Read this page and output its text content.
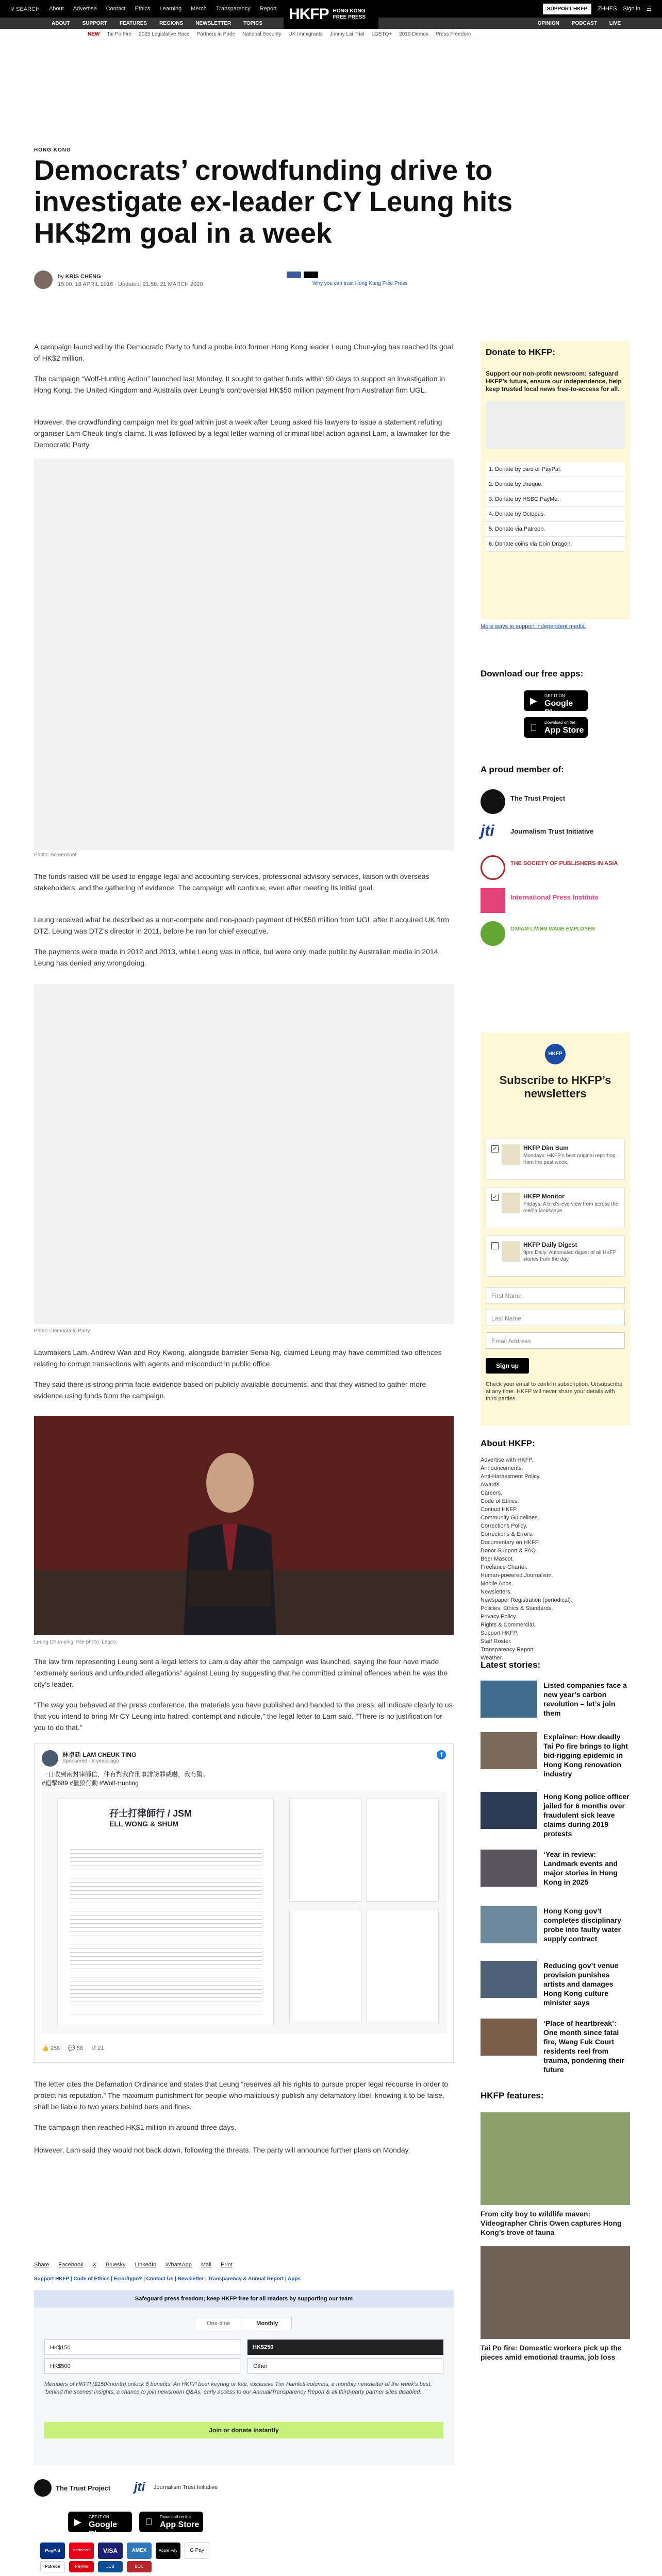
⚲ SEARCH About Advertise Contact Ethics Learning Merch Transparency Report	SUPPORT HKFP	ZHHES Sign in ☰
HKFP HONG KONG FREE PRESS
ABOUT SUPPORT FEATURES REGIONS NEWSLETTER TOPICS	OPINION PODCAST LIVE
NEW Tai Po Fire 2025 Legislative Race Partners in Pride National Security UK Immigrants Jimmy Lai Trial LGBTQ+ 2019 Demos Press Freedom
HONG KONG
Democrats’ crowdfunding drive to investigate ex-leader CY Leung hits HK$2m goal in a week
by KRIS CHENG
15:00, 18 APRIL 2016 · Updated: 21:58, 21 MARCH 2020	Why you can trust Hong Kong Free Press
A campaign launched by the Democratic Party to fund a probe into former Hong Kong leader Leung Chun-ying has reached its goal of HK$2 million.
The campaign “Wolf-Hunting Action” launched last Monday. It sought to gather funds within 90 days to support an investigation in Hong Kong, the United Kingdom and Australia over Leung’s controversial HK$50 million payment from Australian firm UGL.
However, the crowdfunding campaign met its goal within just a week after Leung asked his lawyers to issue a statement refuting organiser Lam Cheuk-ting’s claims. It was followed by a legal letter warning of criminal libel action against Lam, a lawmaker for the Democratic Party.
Photo: Screenshot.
The funds raised will be used to engage legal and accounting services, professional advisory services, liaison with overseas stakeholders, and the gathering of evidence. The campaign will continue, even after meeting its initial goal.
Leung received what he described as a non-compete and non-poach payment of HK$50 million from UGL after it acquired UK firm DTZ. Leung was DTZ’s director in 2011, before he ran for chief executive.
The payments were made in 2012 and 2013, while Leung was in office, but were only made public by Australian media in 2014. Leung has denied any wrongdoing.
Photo: Democratic Party.
Lawmakers Lam, Andrew Wan and Roy Kwong, alongside barrister Senia Ng, claimed Leung may have committed two offences relating to corrupt transactions with agents and misconduct in public office.
They said there is strong prima facie evidence based on publicly available documents, and that they wished to gather more evidence using funds from the campaign.
Leung Chun-ying. File photo: Legco.
The law firm representing Leung sent a legal letters to Lam a day after the campaign was launched, saying the four have made “extremely serious and unfounded allegations” against Leung by suggesting that he committed criminal offences when he was the city’s leader.
“The way you behaved at the press conference, the materials you have published and handed to the press, all indicate clearly to us that you intend to bring Mr CY Leung into hatred, contempt and ridicule,” the legal letter to Lam said. “There is no justification for you to do that.”
林卓廷 LAM CHEUK TING
Sponsored · 8 years ago
f
一日收到兩封律師信，仲有對我作刑事誹謗罪威嚇，我冇驚。
#追擊689 #獵狼行動 #Wolf-Hunting
孖士打律師行 / JSM
ELL WONG & SHUM
👍 258 💬 58 ↺ 21
The letter cites the Defamation Ordinance and states that Leung “reserves all his rights to pursue proper legal recourse in order to protect his reputation.” The maximum punishment for people who maliciously publish any defamatory libel, knowing it to be false, shall be liable to two years behind bars and fines.
The campaign then reached HK$1 million in around three days.
However, Lam said they would not back down, following the threats. The party will announce further plans on Monday.
Share Facebook X Bluesky LinkedIn WhatsApp Mail Print
Support HKFP | Code of Ethics | Error/typo? | Contact Us | Newsletter | Transparency & Annual Report | Apps
Safeguard press freedom; keep HKFP free for all readers by supporting our team
One-time	Monthly
HK$150	HK$250
HK$500	Other
Members of HKFP ($150/month) unlock 6 benefits: An HKFP beer keyring or tote, exclusive Tim Hamlett columns, a monthly newsletter of the week's best, ‘behind the scenes’ insights, a chance to join newsroom Q&As, early access to our Annual/Transparency Report & all third-party partner sites disabled.
Join or donate instantly
The Trust Project jti Journalism Trust Initiative
▶	GET IT ON
Google Play
Download on the
App Store
PayPal	Mastercard	VISA	AMEX	Apple Pay	G Pay
Patreon	PayMe	JCB	BOC
Donate to HKFP:
Support our non-profit newsroom: safeguard HKFP’s future, ensure our independence, help keep trusted local news free-to-access for all.
1. Donate by card or PayPal.
2. Donate by cheque.
3. Donate by HSBC PayMe.
4. Donate by Octopus.
5. Donate via Patreon.
6. Donate coins via Coin Dragon.
More ways to support independent media.
Download our free apps:
▶	GET IT ON
Google Play
Download on the
App Store
A proud member of:
The Trust Project
jti	Journalism Trust Initiative
THE SOCIETY OF PUBLISHERS IN ASIA
International Press Institute
OXFAM LIVING WAGE EMPLOYER
HKFP
Subscribe to HKFP’s newsletters
✓	HKFP Dim Sum
Mondays: HKFP’s best original reporting from the past week.
✓	HKFP Monitor
Fridays: A bird’s-eye view from across the media landscape.
HKFP Daily Digest
9pm Daily: Automated digest of all HKFP stories from the day.
First Name
Last Name
Email Address
Sign up
Check your email to confirm subscription. Unsubscribe at any time. HKFP will never share your details with third parties.
About HKFP:
Advertise with HKFP.
Announcements.
Anti-Harassment Policy.
Awards.
Careers.
Code of Ethics.
Contact HKFP.
Community Guidelines.
Corrections Policy.
Corrections & Errors.
Documentary on HKFP.
Donor Support & FAQ.
Beer Mascot.
Freelance Charter.
Human-powered Journalism.
Mobile Apps.
Newsletters.
Newspaper Registration (periodical).
Policies, Ethics & Standards.
Privacy Policy.
Rights & Commercial.
Support HKFP.
Staff Roster.
Transparency Report.
Weather.
Latest stories:
Listed companies face a new year’s carbon revolution – let’s join them
Explainer: How deadly Tai Po fire brings to light bid-rigging epidemic in Hong Kong renovation industry
Hong Kong police officer jailed for 6 months over fraudulent sick leave claims during 2019 protests
‘Year in review: Landmark events and major stories in Hong Kong in 2025
Hong Kong gov’t completes disciplinary probe into faulty water supply contract
Reducing gov’t venue provision punishes artists and damages Hong Kong culture minister says
‘Place of heartbreak’: One month since fatal fire, Wang Fuk Court residents reel from trauma, pondering their future
HKFP features:
From city boy to wildlife maven: Videographer Chris Owen captures Hong Kong’s trove of fauna
Tai Po fire: Domestic workers pick up the pieces amid emotional trauma, job loss
